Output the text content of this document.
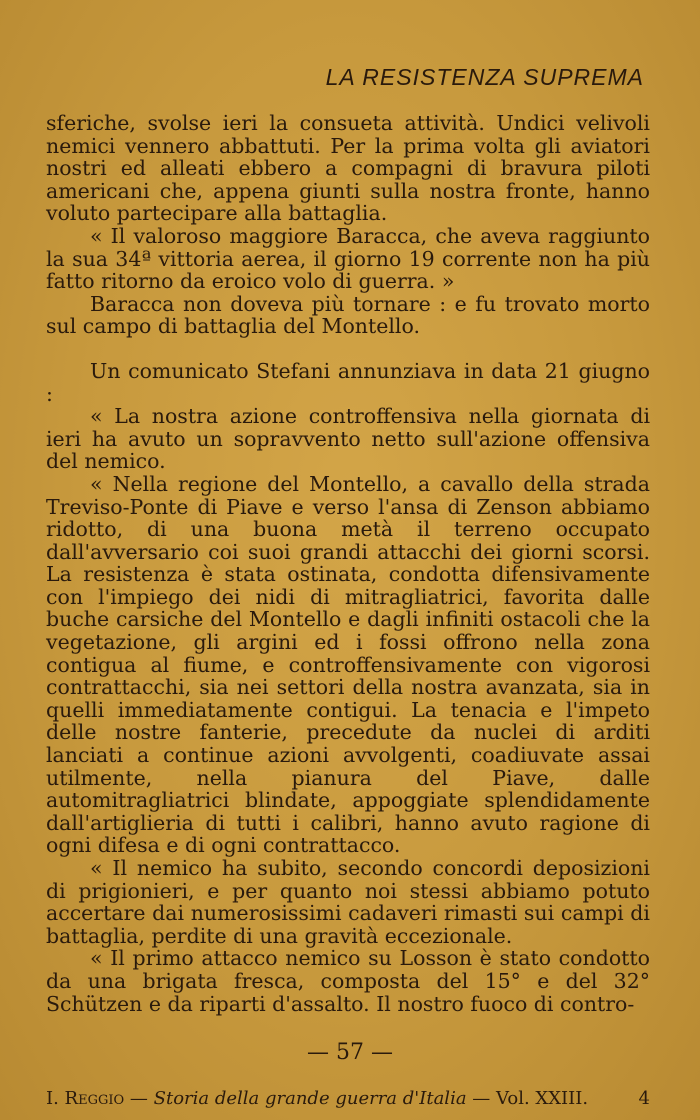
LA RESISTENZA SUPREMA

sferiche, svolse ieri la consueta attività. Undici velivoli nemici vennero abbattuti. Per la prima volta gli aviatori nostri ed alleati ebbero a compagni di bravura piloti americani che, appena giunti sulla nostra fronte, hanno voluto partecipare alla battaglia.

« Il valoroso maggiore Baracca, che aveva raggiunto la sua 34ª vittoria aerea, il giorno 19 corrente non ha più fatto ritorno da eroico volo di guerra. »

Baracca non doveva più tornare : e fu trovato morto sul campo di battaglia del Montello.

Un comunicato Stefani annunziava in data 21 giugno :

« La nostra azione controffensiva nella giornata di ieri ha avuto un sopravvento netto sull'azione offensiva del nemico.

« Nella regione del Montello, a cavallo della strada Treviso-Ponte di Piave e verso l'ansa di Zenson abbiamo ridotto, di una buona metà il terreno occupato dall'avversario coi suoi grandi attacchi dei giorni scorsi. La resistenza è stata ostinata, condotta difensivamente con l'impiego dei nidi di mitragliatrici, favorita dalle buche carsiche del Montello e dagli infiniti ostacoli che la vegetazione, gli argini ed i fossi offrono nella zona contigua al fiume, e controffensivamente con vigorosi contrattacchi, sia nei settori della nostra avanzata, sia in quelli immediatamente contigui. La tenacia e l'impeto delle nostre fanterie, precedute da nuclei di arditi lanciati a continue azioni avvolgenti, coadiuvate assai utilmente, nella pianura del Piave, dalle automitragliatrici blindate, appoggiate splendidamente dall'artiglieria di tutti i calibri, hanno avuto ragione di ogni difesa e di ogni contrattacco.

« Il nemico ha subito, secondo concordi deposizioni di prigionieri, e per quanto noi stessi abbiamo potuto accertare dai numerosissimi cadaveri rimasti sui campi di battaglia, perdite di una gravità eccezionale.

« Il primo attacco nemico su Losson è stato condotto da una brigata fresca, composta del 15° e del 32° Schützen e da riparti d'assalto. Il nostro fuoco di contro-

— 57 —
I. Reggio — Storia della grande guerra d'Italia — Vol. XXIII.	4
